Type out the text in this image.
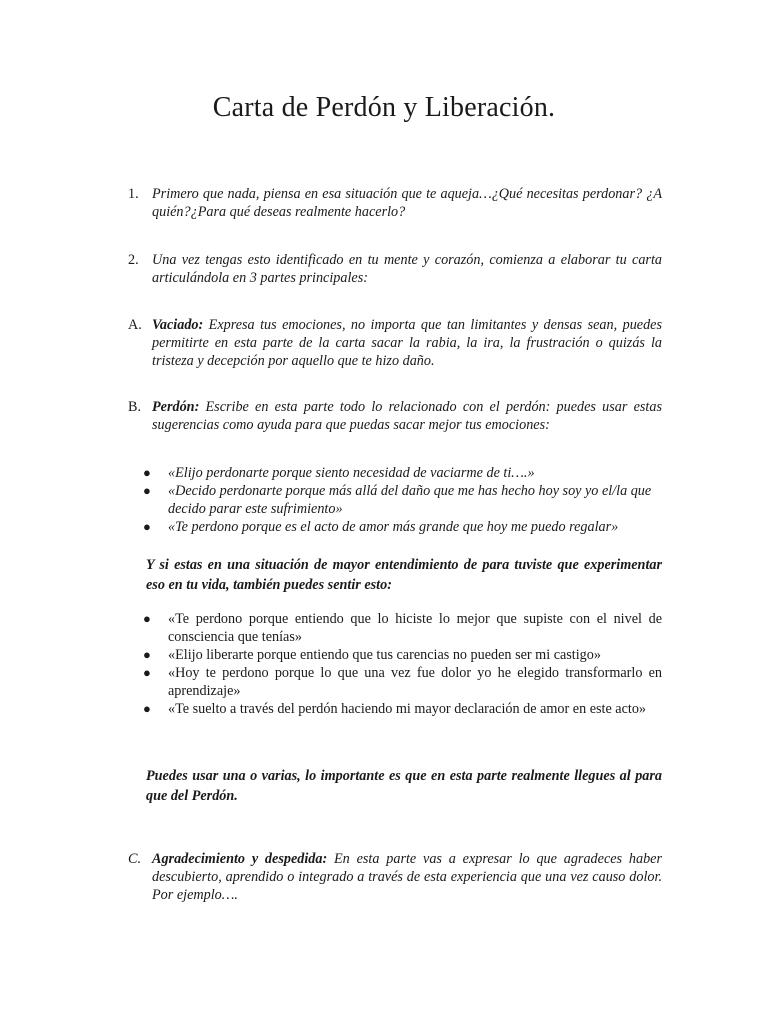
Carta de Perdón y Liberación.
1. Primero que nada, piensa en esa situación que te aqueja…¿Qué necesitas perdonar? ¿A quién?¿Para qué deseas realmente hacerlo?
2. Una vez tengas esto identificado en tu mente y corazón, comienza a elaborar tu carta articulándola en 3 partes principales:
A. Vaciado: Expresa tus emociones, no importa que tan limitantes y densas sean, puedes permitirte en esta parte de la carta sacar la rabia, la ira, la frustración o quizás la tristeza y decepción por aquello que te hizo daño.
B. Perdón: Escribe en esta parte todo lo relacionado con el perdón: puedes usar estas sugerencias como ayuda para que puedas sacar mejor tus emociones:
● «Elijo perdonarte porque siento necesidad de vaciarme de ti….»
● «Decido perdonarte porque más allá del daño que me has hecho hoy soy yo el/la que decido parar este sufrimiento»
● «Te perdono porque es el acto de amor más grande que hoy me puedo regalar»
Y si estas en una situación de mayor entendimiento de para tuviste que experimentar eso en tu vida, también puedes sentir esto:
● «Te perdono porque entiendo que lo hiciste lo mejor que supiste con el nivel de consciencia que tenías»
● «Elijo liberarte porque entiendo que tus carencias no pueden ser mi castigo»
● «Hoy te perdono porque lo que una vez fue dolor yo he elegido transformarlo en aprendizaje»
● «Te suelto a través del perdón haciendo mi mayor declaración de amor en este acto»
Puedes usar una o varias, lo importante es que en esta parte realmente llegues al para que del Perdón.
C. Agradecimiento y despedida: En esta parte vas a expresar lo que agradeces haber descubierto, aprendido o integrado a través de esta experiencia que una vez causo dolor. Por ejemplo….
